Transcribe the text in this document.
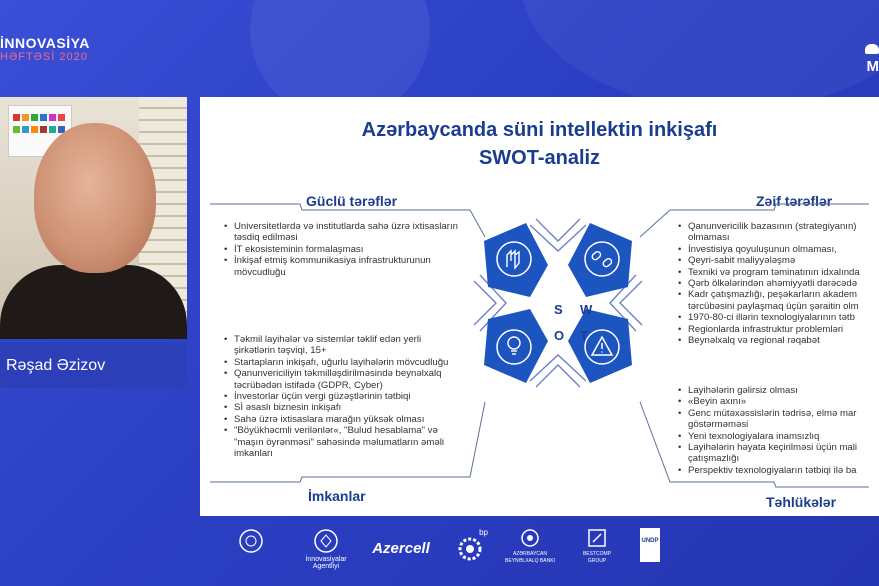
İNNOVASİYA
HƏFTƏSİ 2020
M
Rəşad Əzizov
Azərbaycanda süni intellektin inkişafı
SWOT-analiz
Güclü tərəflər	Zəif tərəflər
İmkanlar	Təhlükələr
• Universitetlərdə və institutlarda sahə üzrə ixtisasların təsdiq edilməsi
• İT ekosisteminin formalaşması
• İnkişaf etmiş kommunikasiya infrastrukturunun mövcudluğu
• Qanunvericilik bazasının (strategiyanın) olmaması
• İnvestisiya qoyuluşunun olmaması,
• Qeyri-sabit maliyyələşmə
• Texniki və program təminatının idxalında
• Qərb ölkələrindən əhəmiyyətli dərəcədə
• Kadr çatışmazlığı, peşəkarların akadem tərcübəsini paylaşmaq üçün şəraitin olm
• 1970-80-ci illərin texnologiyalarının tətb
• Regionlarda infrastruktur problemləri
• Beynəlxalq və regional rəqabət
• Təkmil layihələr və sistemlər təklif edən yerli şirkətlərin təşviqi, 15+
• Startapların inkişafı, uğurlu layihələrin mövcudluğu
• Qanunvericiliyin təkmilləşdirilməsində beynəlxalq təcrübədən istifadə (GDPR, Cyber)
• İnvestorlar üçün vergi güzəştlərinin tətbiqi
• Sİ əsaslı biznesin inkişafı
• Sahə üzrə ixtisaslara marağın yüksək olması
• "Böyükhəcmli verilənlər«, "Bulud hesablama" və "maşın öyrənməsi" sahəsində məlumatların əməli imkanları
• Layihələrin gəlirsiz olması
• «Beyin axını»
• Genc mütəxəssislərin tədrisə, elmə mar göstərməməsi
• Yeni texnologiyalara inamsızlıq
• Layihələrin həyata keçirilməsi üçün mali çatışmazlığı
• Perspektiv texnologiyaların tətbiqi ilə ba
S W
O T
İnnovasiyalar Agentliyi
Azercell
bp
AZƏRBAYCAN BEYNƏLXALQ BANKI
BESTCOMP GROUP
UNDP
